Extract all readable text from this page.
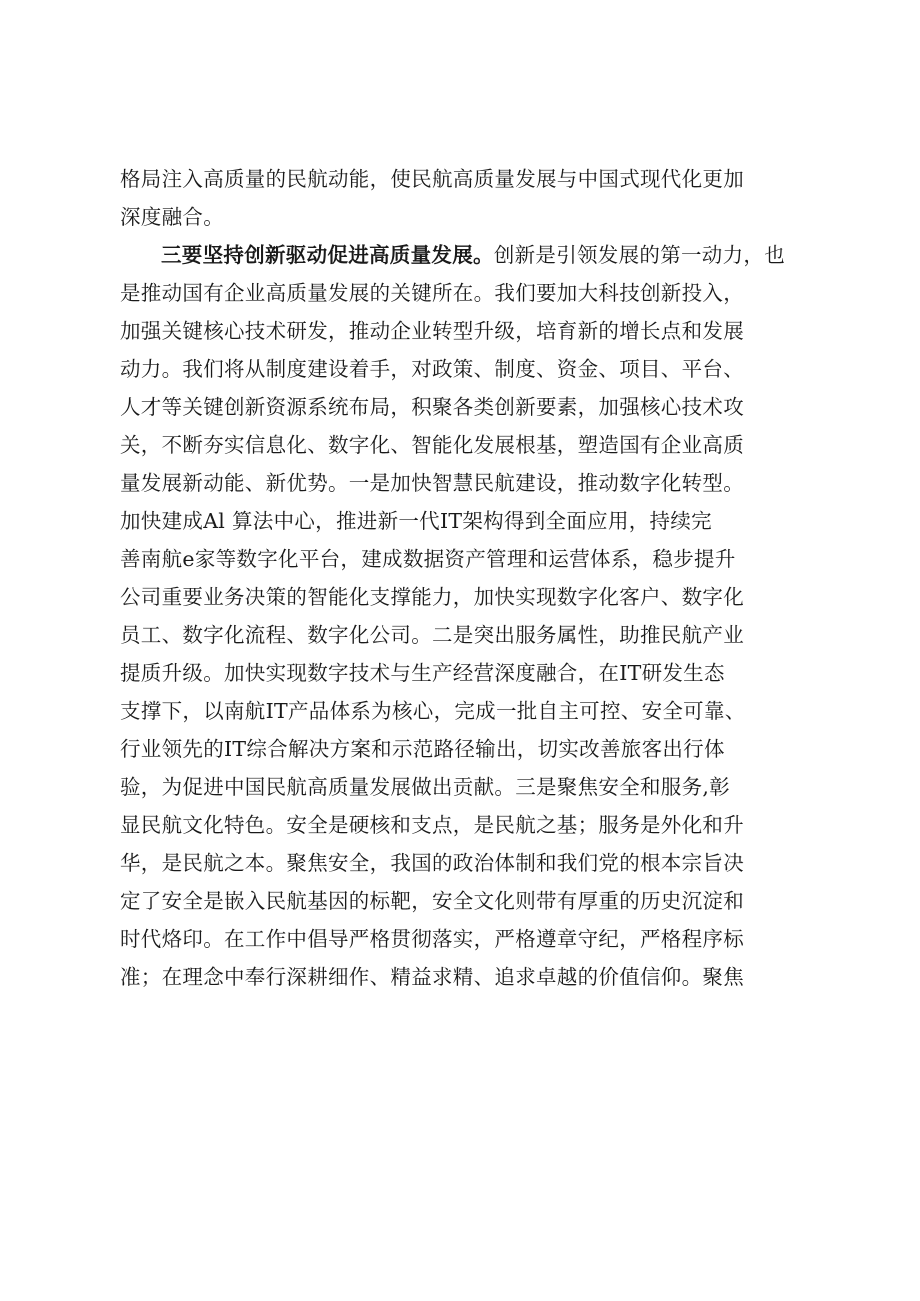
格局注入高质量的民航动能，使民航高质量发展与中国式现代化更加
深度融合。
三要坚持创新驱动促进高质量发展。创新是引领发展的第一动力，也
是推动国有企业高质量发展的关键所在。我们要加大科技创新投入，
加强关键核心技术研发，推动企业转型升级，培育新的增长点和发展
动力。我们将从制度建设着手，对政策、制度、资金、项目、平台、
人才等关键创新资源系统布局，积聚各类创新要素，加强核心技术攻
关，不断夯实信息化、数字化、智能化发展根基，塑造国有企业高质
量发展新动能、新优势。一是加快智慧民航建设，推动数字化转型。
加快建成Al 算法中心，推进新一代IT架构得到全面应用，持续完
善南航e家等数字化平台，建成数据资产管理和运营体系，稳步提升
公司重要业务决策的智能化支撑能力，加快实现数字化客户、数字化
员工、数字化流程、数字化公司。二是突出服务属性，助推民航产业
提质升级。加快实现数字技术与生产经营深度融合，在IT研发生态
支撑下，以南航IT产品体系为核心，完成一批自主可控、安全可靠、
行业领先的IT综合解决方案和示范路径输出，切实改善旅客出行体
验，为促进中国民航高质量发展做出贡献。三是聚焦安全和服务,彰
显民航文化特色。安全是硬核和支点，是民航之基；服务是外化和升
华，是民航之本。聚焦安全，我国的政治体制和我们党的根本宗旨决
定了安全是嵌入民航基因的标靶，安全文化则带有厚重的历史沉淀和
时代烙印。在工作中倡导严格贯彻落实，严格遵章守纪，严格程序标
准；在理念中奉行深耕细作、精益求精、追求卓越的价值信仰。聚焦
